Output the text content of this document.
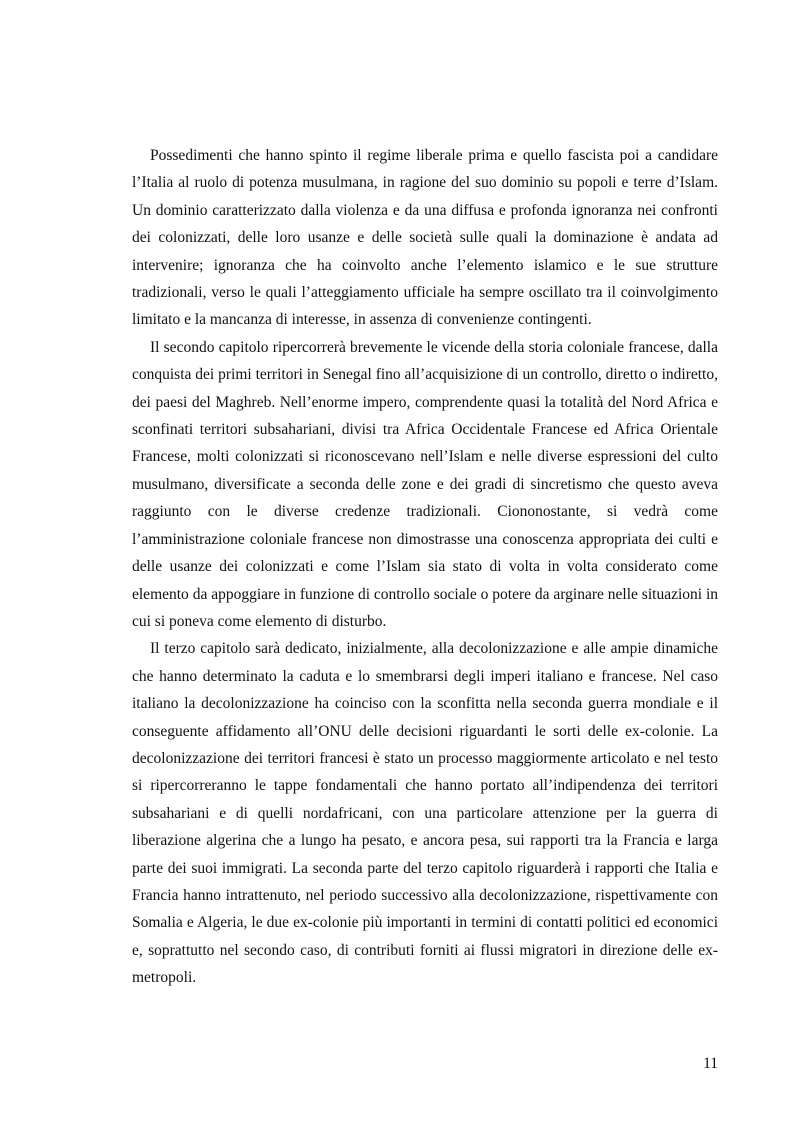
Possedimenti che hanno spinto il regime liberale prima e quello fascista poi a candidare l’Italia al ruolo di potenza musulmana, in ragione del suo dominio su popoli e terre d’Islam. Un dominio caratterizzato dalla violenza e da una diffusa e profonda ignoranza nei confronti dei colonizzati, delle loro usanze e delle società sulle quali la dominazione è andata ad intervenire; ignoranza che ha coinvolto anche l’elemento islamico e le sue strutture tradizionali, verso le quali l’atteggiamento ufficiale ha sempre oscillato tra il coinvolgimento limitato e la mancanza di interesse, in assenza di convenienze contingenti.

Il secondo capitolo ripercorrerà brevemente le vicende della storia coloniale francese, dalla conquista dei primi territori in Senegal fino all’acquisizione di un controllo, diretto o indiretto, dei paesi del Maghreb. Nell’enorme impero, comprendente quasi la totalità del Nord Africa e sconfinati territori subsahariani, divisi tra Africa Occidentale Francese ed Africa Orientale Francese, molti colonizzati si riconoscevano nell’Islam e nelle diverse espressioni del culto musulmano, diversificate a seconda delle zone e dei gradi di sincretismo che questo aveva raggiunto con le diverse credenze tradizionali. Ciononostante, si vedrà come l’amministrazione coloniale francese non dimostrasse una conoscenza appropriata dei culti e delle usanze dei colonizzati e come l’Islam sia stato di volta in volta considerato come elemento da appoggiare in funzione di controllo sociale o potere da arginare nelle situazioni in cui si poneva come elemento di disturbo.

Il terzo capitolo sarà dedicato, inizialmente, alla decolonizzazione e alle ampie dinamiche che hanno determinato la caduta e lo smembrarsi degli imperi italiano e francese. Nel caso italiano la decolonizzazione ha coinciso con la sconfitta nella seconda guerra mondiale e il conseguente affidamento all’ONU delle decisioni riguardanti le sorti delle ex-colonie. La decolonizzazione dei territori francesi è stato un processo maggiormente articolato e nel testo si ripercorreranno le tappe fondamentali che hanno portato all’indipendenza dei territori subsahariani e di quelli nordafricani, con una particolare attenzione per la guerra di liberazione algerina che a lungo ha pesato, e ancora pesa, sui rapporti tra la Francia e larga parte dei suoi immigrati. La seconda parte del terzo capitolo riguarderà i rapporti che Italia e Francia hanno intrattenuto, nel periodo successivo alla decolonizzazione, rispettivamente con Somalia e Algeria, le due ex-colonie più importanti in termini di contatti politici ed economici e, soprattutto nel secondo caso, di contributi forniti ai flussi migratori in direzione delle ex-metropoli.

11
